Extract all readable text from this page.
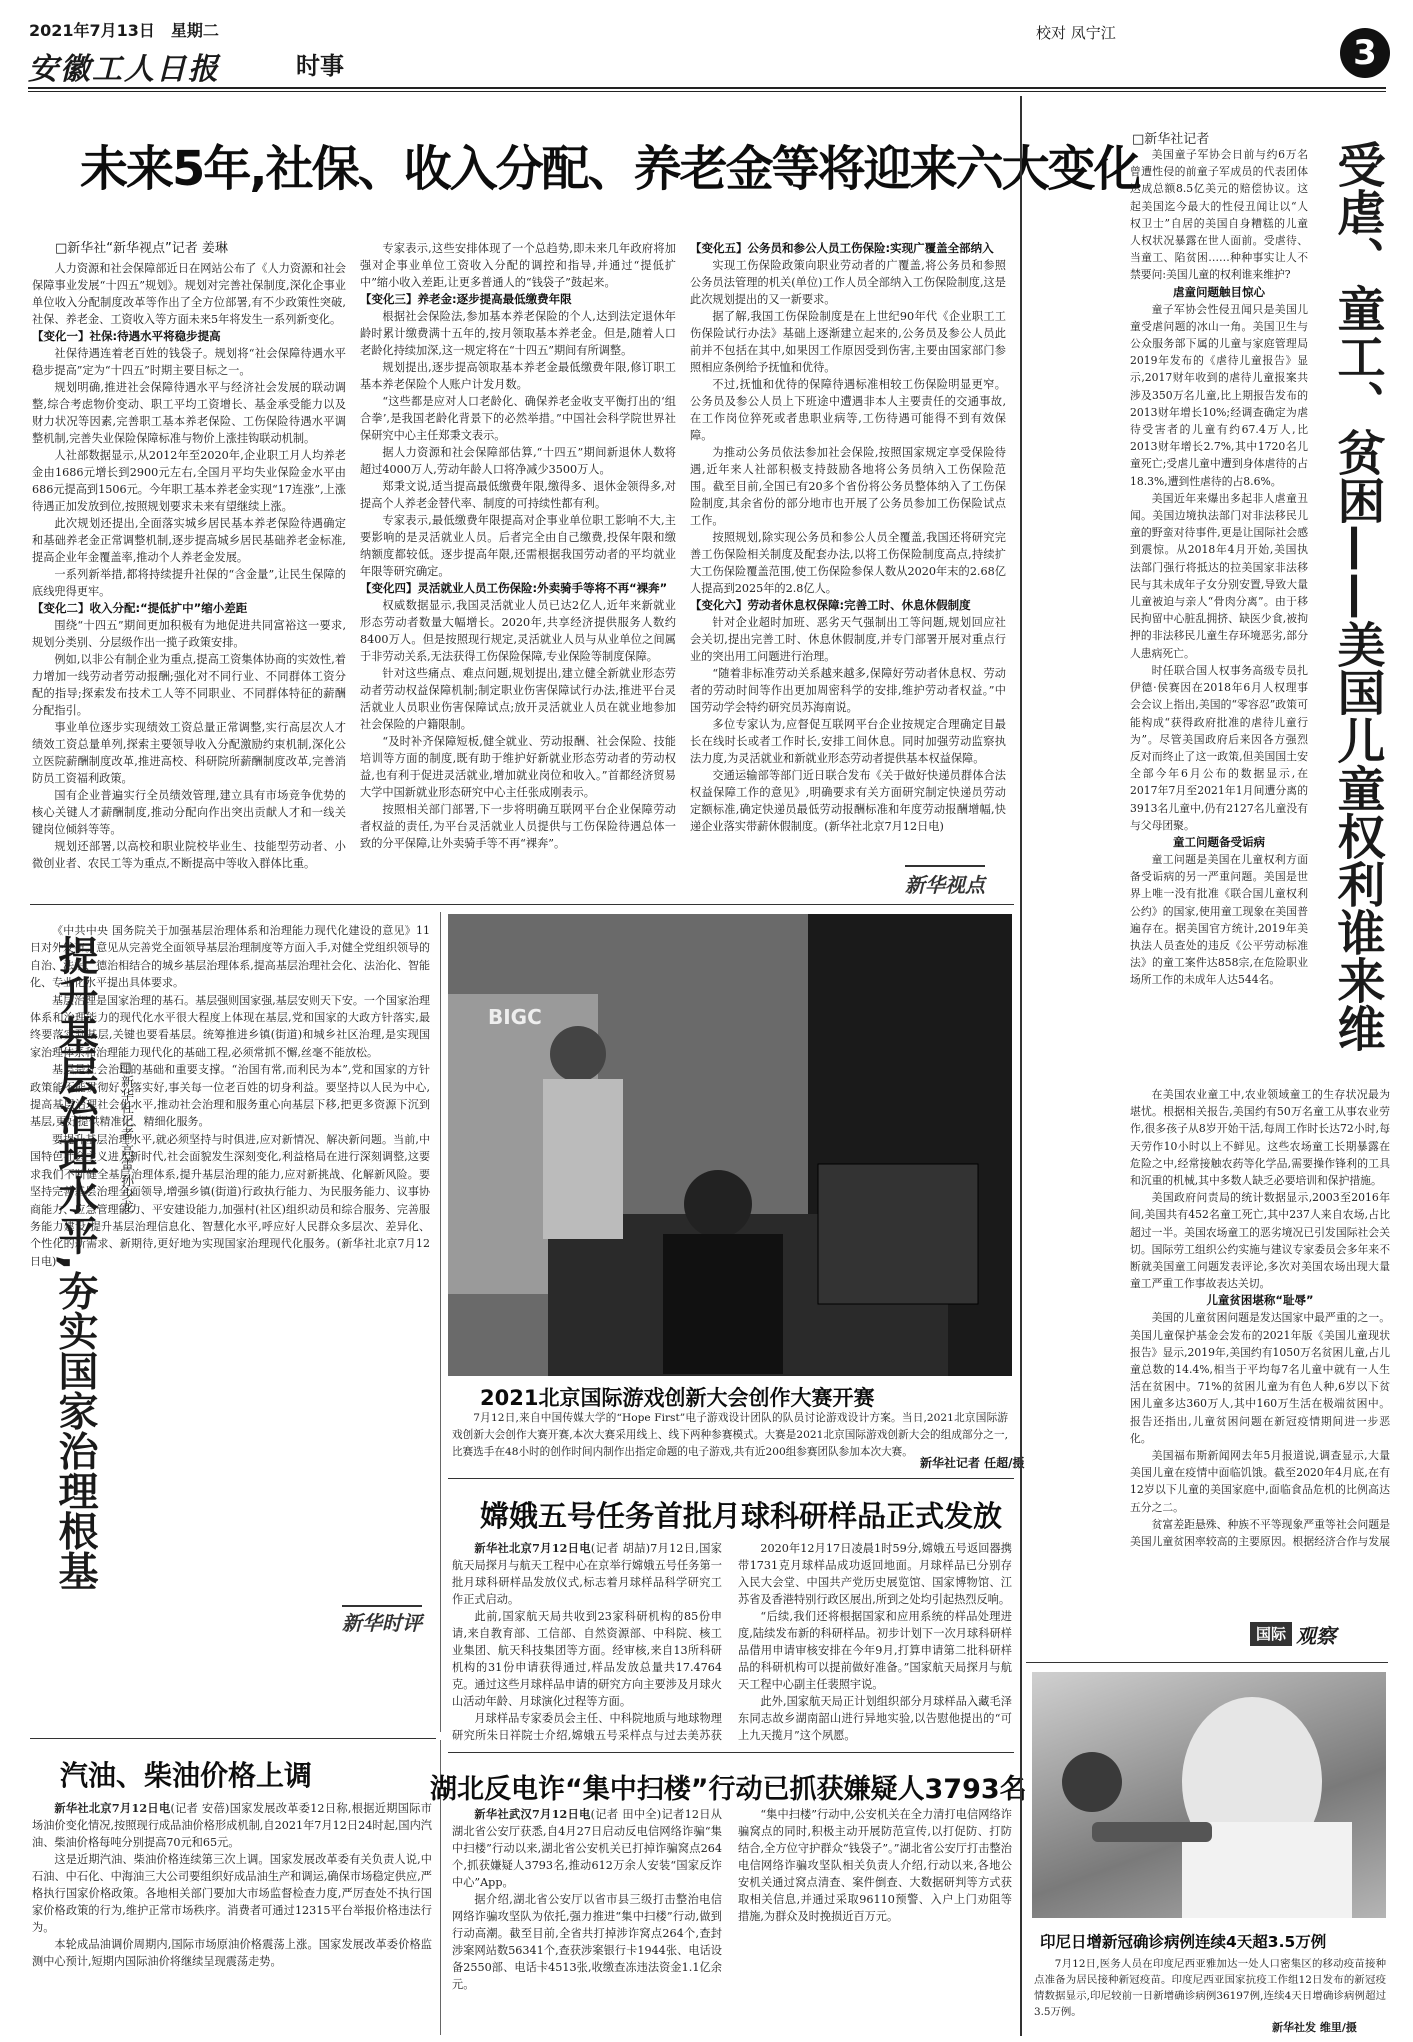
2021年7月13日　星期二
安徽工人日报	时事
校对 凤宁江	3
未来5年,社保、收入分配、养老金等将迎来六大变化
□新华社“新华视点”记者 姜琳

人力资源和社会保障部近日在网站公布了《人力资源和社会保障事业发展“十四五”规划》。规划对完善社保制度,深化企事业单位收入分配制度改革等作出了全方位部署,有不少政策性突破,社保、养老金、工资收入等方面未来5年将发生一系列新变化。

【变化一】社保:待遇水平将稳步提高

社保待遇连着老百姓的钱袋子。规划将“社会保障待遇水平稳步提高”定为“十四五”时期主要目标之一。

规划明确,推进社会保障待遇水平与经济社会发展的联动调整,综合考虑物价变动、职工平均工资增长、基金承受能力以及财力状况等因素,完善职工基本养老保险、工伤保险待遇水平调整机制,完善失业保险保障标准与物价上涨挂钩联动机制。

人社部数据显示,从2012年至2020年,企业职工月人均养老金由1686元增长到2900元左右,全国月平均失业保险金水平由686元提高到1506元。今年职工基本养老金实现“17连涨”,上涨待遇正加发放到位,按照规划要求未来有望继续上涨。

此次规划还提出,全面落实城乡居民基本养老保险待遇确定和基础养老金正常调整机制,逐步提高城乡居民基础养老金标准,提高企业年金覆盖率,推动个人养老金发展。

一系列新举措,都将持续提升社保的“含金量”,让民生保障的底线兜得更牢。

【变化二】收入分配:“提低扩中”缩小差距

围绕“十四五”期间更加积极有为地促进共同富裕这一要求,规划分类别、分层级作出一揽子政策安排。

例如,以非公有制企业为重点,提高工资集体协商的实效性,着力增加一线劳动者劳动报酬;强化对不同行业、不同群体工资分配的指导;探索发布技术工人等不同职业、不同群体特征的薪酬分配指引。

事业单位逐步实现绩效工资总量正常调整,实行高层次人才绩效工资总量单列,探索主要领导收入分配激励约束机制,深化公立医院薪酬制度改革,推进高校、科研院所薪酬制度改革,完善消防员工资福利政策。

国有企业普遍实行全员绩效管理,建立具有市场竞争优势的核心关键人才薪酬制度,推动分配向作出突出贡献人才和一线关键岗位倾斜等等。

规划还部署,以高校和职业院校毕业生、技能型劳动者、小微创业者、农民工等为重点,不断提高中等收入群体比重。

专家表示,这些安排体现了一个总趋势,即未来几年政府将加强对企事业单位工资收入分配的调控和指导,并通过“提低扩中”缩小收入差距,让更多普通人的“钱袋子”鼓起来。

【变化三】养老金:逐步提高最低缴费年限

根据社会保险法,参加基本养老保险的个人,达到法定退休年龄时累计缴费满十五年的,按月领取基本养老金。但是,随着人口老龄化持续加深,这一规定将在“十四五”期间有所调整。

规划提出,逐步提高领取基本养老金最低缴费年限,修订职工基本养老保险个人账户计发月数。

“这些都是应对人口老龄化、确保养老金收支平衡打出的‘组合拳’,是我国老龄化背景下的必然举措。”中国社会科学院世界社保研究中心主任郑秉文表示。

据人力资源和社会保障部估算,“十四五”期间新退休人数将超过4000万人,劳动年龄人口将净减少3500万人。

郑秉文说,适当提高最低缴费年限,缴得多、退休金领得多,对提高个人养老金替代率、制度的可持续性都有利。

专家表示,最低缴费年限提高对企事业单位职工影响不大,主要影响的是灵活就业人员。后者完全由自己缴费,投保年限和缴纳额度都较低。逐步提高年限,还需根据我国劳动者的平均就业年限等研究确定。

【变化四】灵活就业人员工伤保险:外卖骑手等将不再“裸奔”

权威数据显示,我国灵活就业人员已达2亿人,近年来新就业形态劳动者数量大幅增长。2020年,共享经济提供服务人数约8400万人。但是按照现行规定,灵活就业人员与从业单位之间属于非劳动关系,无法获得工伤保险保障,专业保险等制度保障。

针对这些痛点、难点问题,规划提出,建立健全新就业形态劳动者劳动权益保障机制;制定职业伤害保障试行办法,推进平台灵活就业人员职业伤害保障试点;放开灵活就业人员在就业地参加社会保险的户籍限制。

“及时补齐保障短板,健全就业、劳动报酬、社会保险、技能培训等方面的制度,既有助于维护好新就业形态劳动者的劳动权益,也有利于促进灵活就业,增加就业岗位和收入。”首都经济贸易大学中国新就业形态研究中心主任张成刚表示。

按照相关部门部署,下一步将明确互联网平台企业保障劳动者权益的责任,为平台灵活就业人员提供与工伤保险待遇总体一致的分平保障,让外卖骑手等不再“裸奔”。

【变化五】公务员和参公人员工伤保险:实现广覆盖全部纳入

实现工伤保险政策向职业劳动者的广覆盖,将公务员和参照公务员法管理的机关(单位)工作人员全部纳入工伤保险制度,这是此次规划提出的又一新要求。

据了解,我国工伤保险制度是在上世纪90年代《企业职工工伤保险试行办法》基础上逐渐建立起来的,公务员及参公人员此前并不包括在其中,如果因工作原因受到伤害,主要由国家部门参照相应条例给予抚恤和优待。

不过,抚恤和优待的保障待遇标准相较工伤保险明显更窄。公务员及参公人员上下班途中遭遇非本人主要责任的交通事故,在工作岗位猝死或者患职业病等,工伤待遇可能得不到有效保障。

为推动公务员依法参加社会保险,按照国家规定享受保险待遇,近年来人社部积极支持鼓励各地将公务员纳入工伤保险范围。截至目前,全国已有20多个省份将公务员整体纳入了工伤保险制度,其余省份的部分地市也开展了公务员参加工伤保险试点工作。

按照规划,除实现公务员和参公人员全覆盖,我国还将研究完善工伤保险相关制度及配套办法,以将工伤保险制度高点,持续扩大工伤保险覆盖范围,使工伤保险参保人数从2020年末的2.68亿人提高到2025年的2.8亿人。

【变化六】劳动者休息权保障:完善工时、休息休假制度

针对企业超时加班、恶劣天气强制出工等问题,规划回应社会关切,提出完善工时、休息休假制度,并专门部署开展对重点行业的突出用工问题进行治理。

“随着非标准劳动关系越来越多,保障好劳动者休息权、劳动者的劳动时间等作出更加周密科学的安排,维护劳动者权益。”中国劳动学会特约研究员苏海南说。

多位专家认为,应督促互联网平台企业按规定合理确定目最长在线时长或者工作时长,安排工间休息。同时加强劳动监察执法力度,为灵活就业和新就业形态劳动者提供基本权益保障。

交通运输部等部门近日联合发布《关于做好快递员群体合法权益保障工作的意见》,明确要求有关方面研究制定快递员劳动定额标准,确定快递员最低劳动报酬标准和年度劳动报酬增幅,快递企业落实带薪休假制度。(新华社北京7月12日电)

新华视点
提升基层治理水平,夯实国家治理根基 □新华社记者 高蕾 孙少龙

《中共中央 国务院关于加强基层治理体系和治理能力现代化建设的意见》11日对外发布。意见从完善党全面领导基层治理制度等方面入手,对健全党组织领导的自治、法治、德治相结合的城乡基层治理体系,提高基层治理社会化、法治化、智能化、专业化水平提出具体要求。

基层治理是国家治理的基石。基层强则国家强,基层安则天下安。一个国家治理体系和治理能力的现代化水平很大程度上体现在基层,党和国家的大政方针落实,最终要落实到基层,关键也要看基层。统筹推进乡镇(街道)和城乡社区治理,是实现国家治理体系和治理能力现代化的基础工程,必须常抓不懈,丝毫不能放松。

基层是社会治理的基础和重要支撑。“治国有常,而利民为本”,党和国家的方针政策能不能贯彻好、落实好,事关每一位老百姓的切身利益。要坚持以人民为中心,提高基层治理社会化水平,推动社会治理和服务重心向基层下移,把更多资源下沉到基层,更好提供精准化、精细化服务。

要提升基层治理水平,就必须坚持与时俱进,应对新情况、解决新问题。当前,中国特色社会主义进入新时代,社会面貌发生深刻变化,利益格局在进行深刻调整,这要求我们不断健全基层治理体系,提升基层治理的能力,应对新挑战、化解新风险。要坚持完善基层治理全面领导,增强乡镇(街道)行政执行能力、为民服务能力、议事协商能力、应急管理能力、平安建设能力,加强村(社区)组织动员和综合服务、完善服务能力建设,提升基层治理信息化、智慧化水平,呼应好人民群众多层次、差异化、个性化的新需求、新期待,更好地为实现国家治理现代化服务。(新华社北京7月12日电)

新华时评
BIGC
2021北京国际游戏创新大会创作大赛开赛
7月12日,来自中国传媒大学的“Hope First”电子游戏设计团队的队员讨论游戏设计方案。当日,2021北京国际游戏创新大会创作大赛开赛,本次大赛采用线上、线下两种参赛模式。大赛是2021北京国际游戏创新大会的组成部分之一,比赛选手在48小时的创作时间内制作出指定命题的电子游戏,共有近200组参赛团队参加本次大赛。
新华社记者 任超/摄
嫦娥五号任务首批月球科研样品正式发放

新华社北京7月12日电(记者 胡喆)7月12日,国家航天局探月与航天工程中心在京举行嫦娥五号任务第一批月球科研样品发放仪式,标志着月球样品科学研究工作正式启动。

此前,国家航天局共收到23家科研机构的85份申请,来自教育部、工信部、自然资源部、中科院、核工业集团、航天科技集团等方面。经审核,来自13所科研机构的31份申请获得通过,样品发放总量共17.4764克。通过这些月球样品申请的研究方向主要涉及月球火山活动年龄、月球演化过程等方面。

月球样品专家委员会主任、中科院地质与地球物理研究所朱日祥院士介绍,嫦娥五号采样点与过去美苏获

2020年12月17日凌晨1时59分,嫦娥五号返回器携带1731克月球样品成功返回地面。月球样品已分别存入民大会堂、中国共产党历史展览馆、国家博物馆、江苏省及香港特别行政区展出,所到之处均引起热烈反响。

“后续,我们还将根据国家和应用系统的样品处理进度,陆续发布新的科研样品。初步计划下一次月球科研样品借用申请审核安排在今年9月,打算申请第二批科研样品的科研机构可以提前做好准备。”国家航天局探月与航天工程中心副主任裴照宇说。

此外,国家航天局正计划组织部分月球样品入藏毛泽东同志故乡湖南韶山进行异地实验,以告慰他提出的“可上九天揽月”这个夙愿。

汽油、柴油价格上调

新华社北京7月12日电(记者 安蓓)国家发展改革委12日称,根据近期国际市场油价变化情况,按照现行成品油价格形成机制,自2021年7月12日24时起,国内汽油、柴油价格每吨分别提高70元和65元。

这是近期汽油、柴油价格连续第三次上调。国家发展改革委有关负责人说,中石油、中石化、中海油三大公司要组织好成品油生产和调运,确保市场稳定供应,严格执行国家价格政策。各地相关部门要加大市场监督检查力度,严厉查处不执行国家价格政策的行为,维护正常市场秩序。消费者可通过12315平台举报价格违法行为。

本轮成品油调价周期内,国际市场原油价格震荡上涨。国家发展改革委价格监测中心预计,短期内国际油价将继续呈现震荡走势。

湖北反电诈“集中扫楼”行动已抓获嫌疑人3793名

新华社武汉7月12日电(记者 田中全)记者12日从湖北省公安厅获悉,自4月27日启动反电信网络诈骗“集中扫楼”行动以来,湖北省公安机关已打掉诈骗窝点264个,抓获嫌疑人3793名,推动612万余人安装“国家反诈中心”App。

据介绍,湖北省公安厅以省市县三级打击整治电信网络诈骗攻坚队为依托,强力推进“集中扫楼”行动,做到行动高潮。截至目前,全省共打掉涉诈窝点264个,查封涉案网站数56341个,查获涉案银行卡1944张、电话设备2550部、电话卡4513张,收缴查冻违法资金1.1亿余元。

“集中扫楼”行动中,公安机关在全力清打电信网络诈骗窝点的同时,积极主动开展防范宣传,以打促防、打防结合,全方位守护群众“钱袋子”。”湖北省公安厅打击整治电信网络诈骗攻坚队相关负责人介绍,行动以来,各地公安机关通过窝点清查、案件倒查、大数据研判等方式获取相关信息,并通过采取96110预警、入户上门劝阻等措施,为群众及时挽损近百万元。

□新华社记者
受虐、童工、贫困——美国儿童权利谁来维

美国童子军协会日前与约6万名曾遭性侵的前童子军成员的代表团体达成总额8.5亿美元的赔偿协议。这起美国迄今最大的性侵丑闻让以“人权卫士”自居的美国自身糟糕的儿童人权状况暴露在世人面前。受虐待、当童工、陷贫困……种种事实让人不禁要问:美国儿童的权利谁来维护?

虐童问题触目惊心

童子军协会性侵丑闻只是美国儿童受虐问题的冰山一角。美国卫生与公众服务部下属的儿童与家庭管理局2019年发布的《虐待儿童报告》显示,2017财年收到的虐待儿童报案共涉及350万名儿童,比上期报告发布的2013财年增长10%;经调查确定为虐待受害者的儿童有约67.4万人,比2013财年增长2.7%,其中1720名儿童死亡;受虐儿童中遭到身体虐待的占18.3%,遭到性虐待的占8.6%。

美国近年来爆出多起非人虐童丑闻。美国边境执法部门对非法移民儿童的野蛮对待事件,更是让国际社会感到震惊。从2018年4月开始,美国执法部门强行将抵达的拉美国家非法移民与其未成年子女分别安置,导致大量儿童被迫与亲人“骨肉分离”。由于移民拘留中心脏乱拥挤、缺医少食,被拘押的非法移民儿童生存环境恶劣,部分人患病死亡。

时任联合国人权事务高级专员扎伊德·侯赛因在2018年6月人权理事会会议上指出,美国的“零容忍”政策可能构成“获得政府批准的虐待儿童行为”。尽管美国政府后来因各方强烈反对而终止了这一政策,但美国国土安全部今年6月公布的数据显示,在2017年7月至2021年1月间遭分离的3913名儿童中,仍有2127名儿童没有与父母团聚。

童工问题备受诟病

童工问题是美国在儿童权利方面备受诟病的另一严重问题。美国是世界上唯一没有批准《联合国儿童权利公约》的国家,使用童工现象在美国普遍存在。据美国官方统计,2019年美执法人员查处的违反《公平劳动标准法》的童工案件达858宗,在危险职业场所工作的未成年人达544名。

在美国农业童工中,农业领域童工的生存状况最为堪忧。根据相关报告,美国约有50万名童工从事农业劳作,很多孩子从8岁开始干活,每周工作时长达72小时,每天劳作10小时以上不鲜见。这些农场童工长期暴露在危险之中,经常接触农药等化学品,需要操作锋利的工具和沉重的机械,其中多数人缺乏必要培训和保护措施。

美国政府问责局的统计数据显示,2003至2016年间,美国共有452名童工死亡,其中237人来自农场,占比超过一半。美国农场童工的恶劣境况已引发国际社会关切。国际劳工组织公约实施与建议专家委员会多年来不断就美国童工问题发表评论,多次对美国农场出现大量童工严重工作事故表达关切。

儿童贫困堪称“耻辱”

美国的儿童贫困问题是发达国家中最严重的之一。美国儿童保护基金会发布的2021年版《美国儿童现状报告》显示,2019年,美国约有1050万名贫困儿童,占儿童总数的14.4%,相当于平均每7名儿童中就有一人生活在贫困中。71%的贫困儿童为有色人种,6岁以下贫困儿童多达360万人,其中160万生活在极端贫困中。报告还指出,儿童贫困问题在新冠疫情期间进一步恶化。

美国福布斯新闻网去年5月报道说,调查显示,大量美国儿童在疫情中面临饥饿。截至2020年4月底,在有12岁以下儿童的美国家庭中,面临食品危机的比例高达五分之二。

贫富差距悬殊、种族不平等现象严重等社会问题是美国儿童贫困率较高的主要原因。根据经济合作与发展

国际 观察
印尼日增新冠确诊病例连续4天超3.5万例
7月12日,医务人员在印度尼西亚雅加达一处人口密集区的移动疫苗接种点准备为居民接种新冠疫苗。印度尼西亚国家抗疫工作组12日发布的新冠疫情数据显示,印尼较前一日新增确诊病例36197例,连续4天日增确诊病例超过3.5万例。
新华社发 维里/摄
